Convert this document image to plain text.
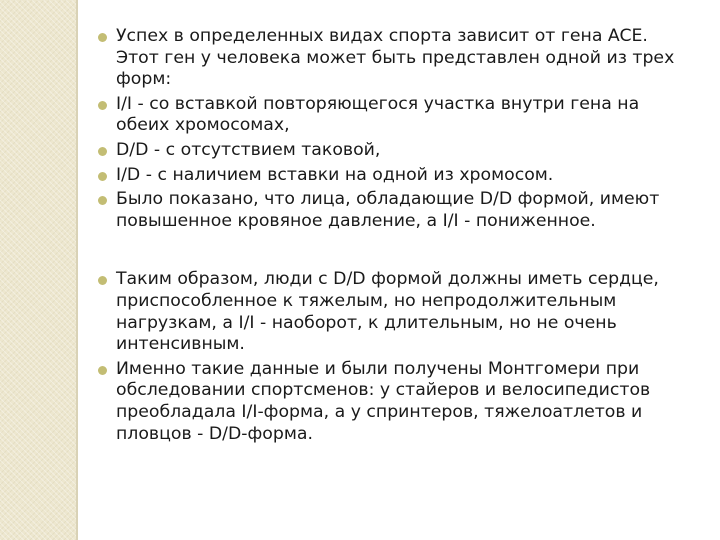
Успех в определенных видах спорта зависит от гена ACE. Этот ген у человека может быть представлен одной из трех форм:
I/I - со вставкой повторяющегося участка внутри гена на обеих хромосомах,
D/D - с отсутствием таковой,
I/D - с наличием вставки на одной из хромосом.
Было показано, что лица, обладающие D/D формой, имеют повышенное кровяное давление, а I/I - пониженное.
Таким образом, люди с D/D формой должны иметь сердце, приспособленное к тяжелым, но непродолжительным нагрузкам, а I/I - наоборот, к длительным, но не очень интенсивным.
Именно такие данные и были получены Монтгомери при обследовании спортсменов: у стайеров и велосипедистов преобладала I/I-форма, а у спринтеров, тяжелоатлетов и пловцов - D/D-форма.
